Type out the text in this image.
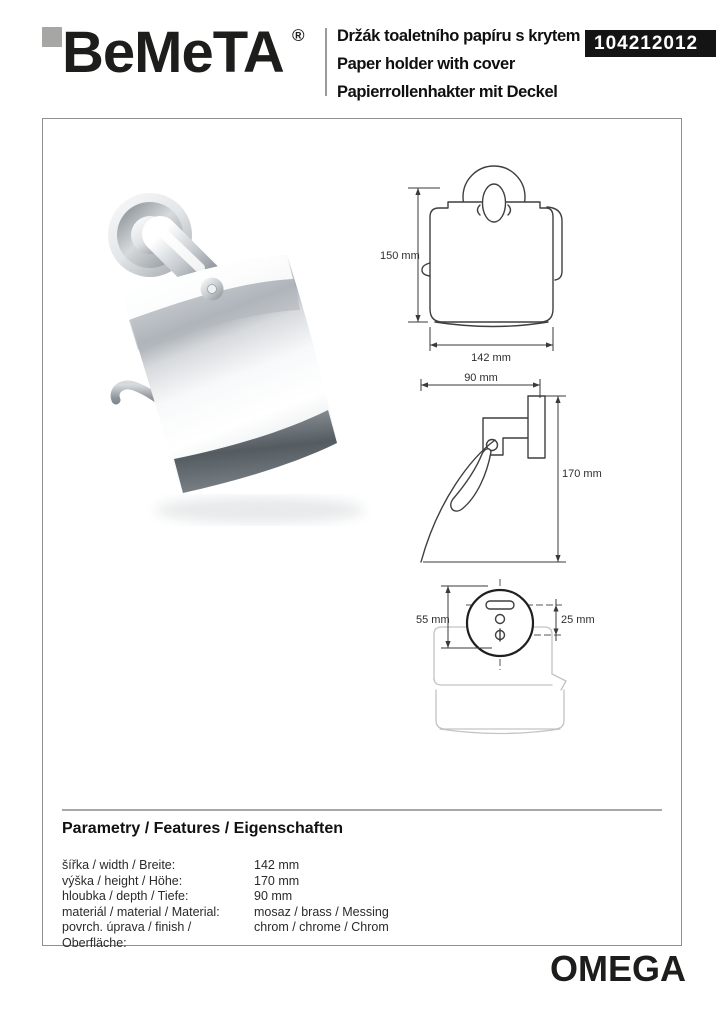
BeMeTA ® Držák toaletního papíru s krytem
Paper holder with cover
Papierrollenhakter mit Deckel
104212012
150 mm
142 mm
90 mm
170 mm
55 mm	25 mm
Parametry / Features / Eigenschaften
šířka / width / Breite:	142 mm
výška / height / Höhe:	170 mm
hloubka / depth / Tiefe:	90 mm
materiál / material / Material:	mosaz / brass / Messing
povrch. úprava / finish / Oberfläche:
chrom / chrome / Chrom
OMEGA
